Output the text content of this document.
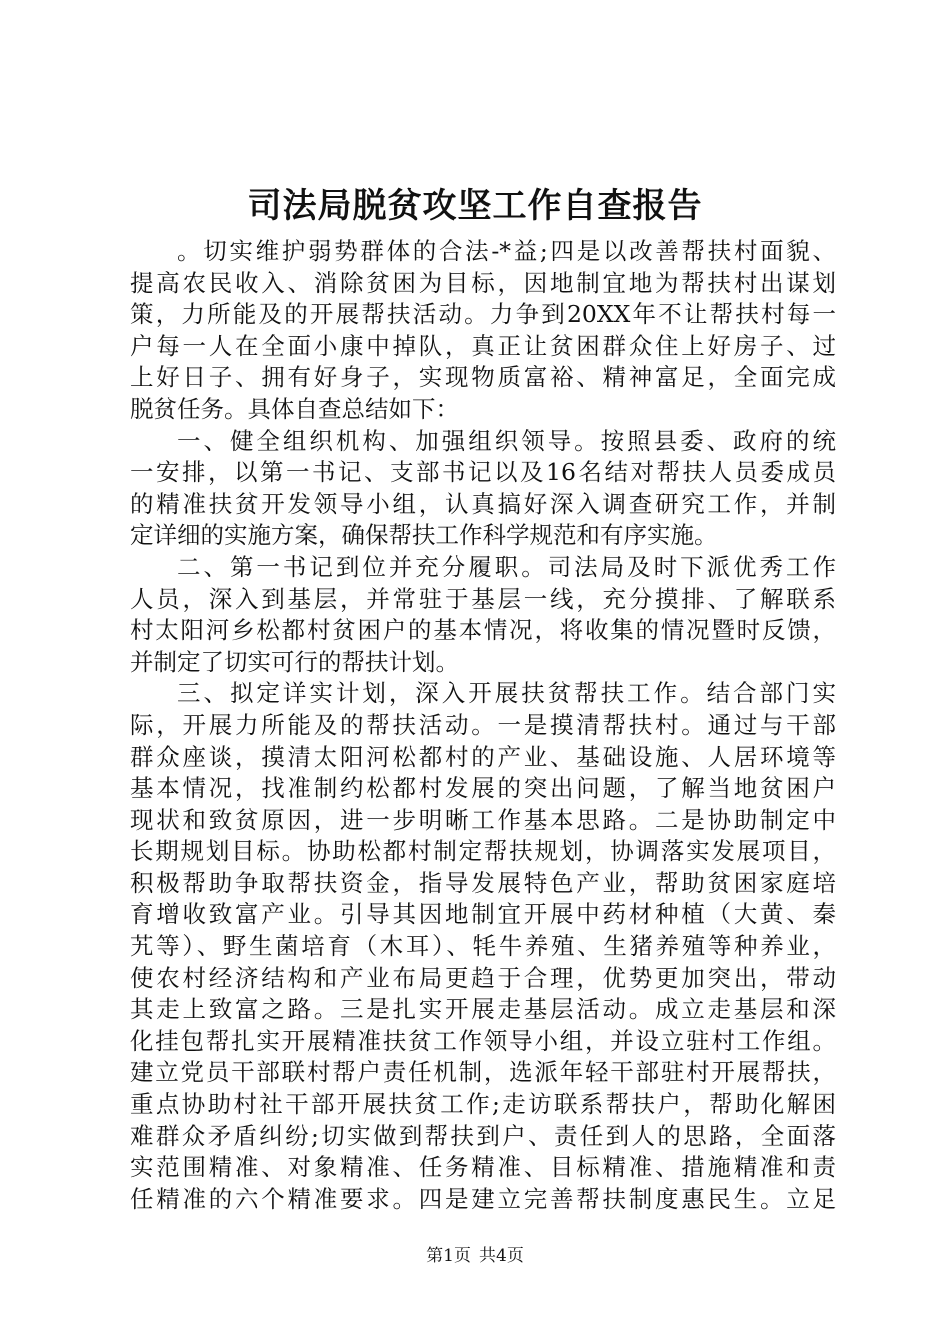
司法局脱贫攻坚工作自查报告
。切实维护弱势群体的合法-*益;四是以改善帮扶村面貌、
提高农民收入、消除贫困为目标，因地制宜地为帮扶村出谋划
策，力所能及的开展帮扶活动。力争到20XX年不让帮扶村每一
户每一人在全面小康中掉队，真正让贫困群众住上好房子、过
上好日子、拥有好身子，实现物质富裕、精神富足，全面完成
脱贫任务。具体自查总结如下：
一、健全组织机构、加强组织领导。按照县委、政府的统
一安排，以第一书记、支部书记以及16名结对帮扶人员委成员
的精准扶贫开发领导小组，认真搞好深入调查研究工作，并制
定详细的实施方案，确保帮扶工作科学规范和有序实施。
二、第一书记到位并充分履职。司法局及时下派优秀工作
人员，深入到基层，并常驻于基层一线，充分摸排、了解联系
村太阳河乡松都村贫困户的基本情况，将收集的情况暨时反馈，
并制定了切实可行的帮扶计划。
三、拟定详实计划，深入开展扶贫帮扶工作。结合部门实
际，开展力所能及的帮扶活动。一是摸清帮扶村。通过与干部
群众座谈，摸清太阳河松都村的产业、基础设施、人居环境等
基本情况，找准制约松都村发展的突出问题，了解当地贫困户
现状和致贫原因，进一步明晰工作基本思路。二是协助制定中
长期规划目标。协助松都村制定帮扶规划，协调落实发展项目，
积极帮助争取帮扶资金，指导发展特色产业，帮助贫困家庭培
育增收致富产业。引导其因地制宜开展中药材种植（大黄、秦
艽等）、野生菌培育（木耳）、牦牛养殖、生猪养殖等种养业，
使农村经济结构和产业布局更趋于合理，优势更加突出，带动
其走上致富之路。三是扎实开展走基层活动。成立走基层和深
化挂包帮扎实开展精准扶贫工作领导小组，并设立驻村工作组。
建立党员干部联村帮户责任机制，选派年轻干部驻村开展帮扶，
重点协助村社干部开展扶贫工作;走访联系帮扶户，帮助化解困
难群众矛盾纠纷;切实做到帮扶到户、责任到人的思路，全面落
实范围精准、对象精准、任务精准、目标精准、措施精准和责
任精准的六个精准要求。四是建立完善帮扶制度惠民生。立足
第1页 共4页
